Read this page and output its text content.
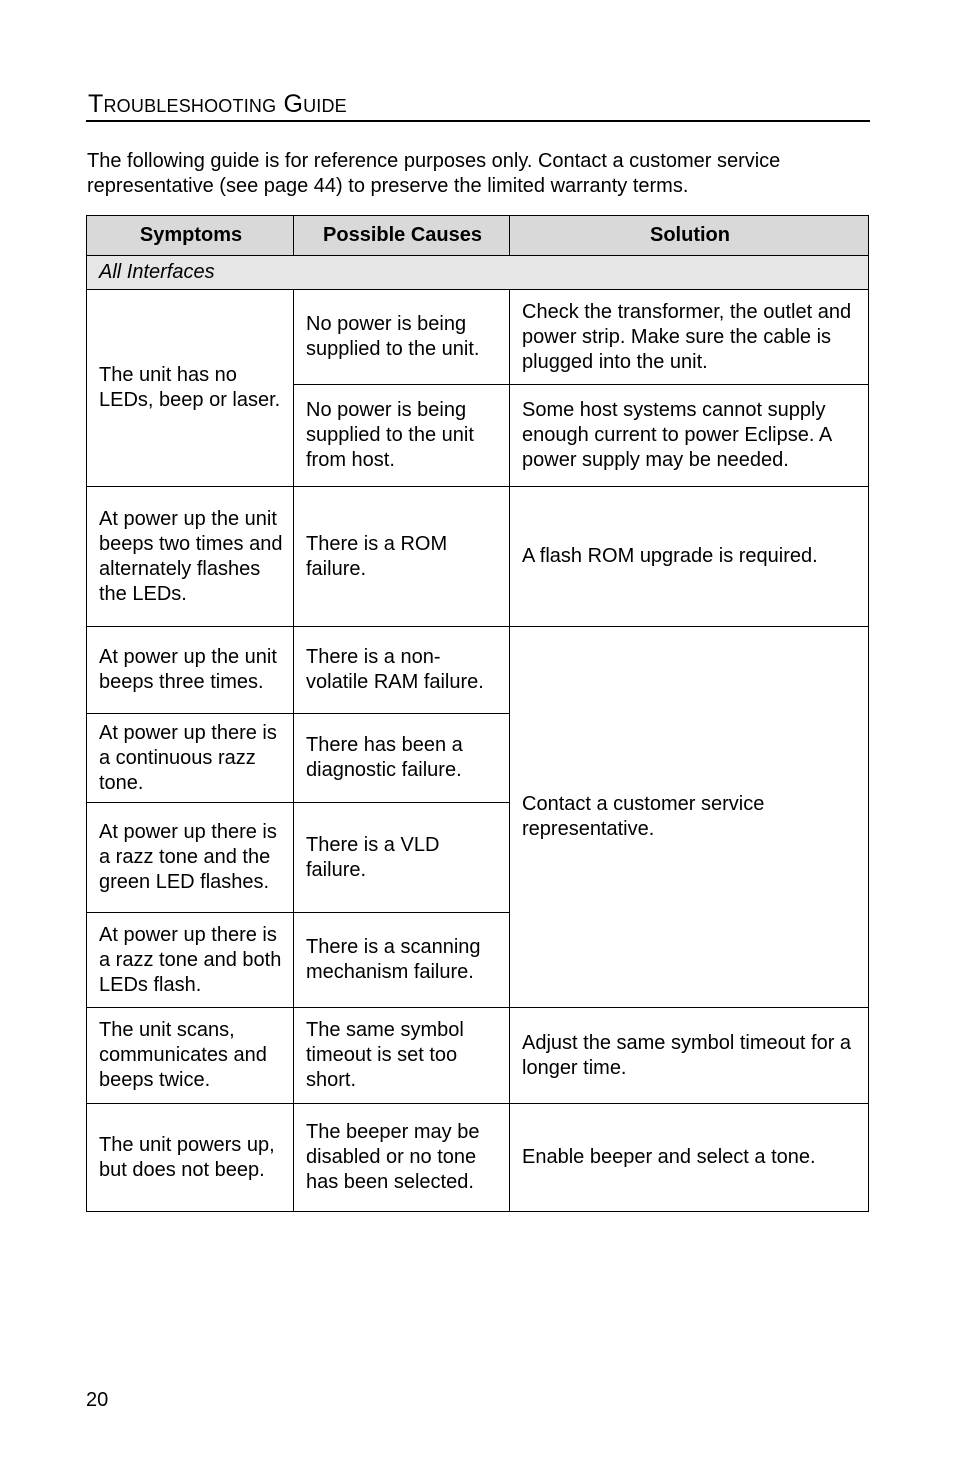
Troubleshooting Guide
The following guide is for reference purposes only. Contact a customer service representative (see page 44) to preserve the limited warranty terms.
Symptoms	Possible Causes	Solution
All Interfaces		
The unit has no LEDs, beep or laser.	No power is being supplied to the unit.	Check the transformer, the outlet and power strip. Make sure the cable is plugged into the unit.
	No power is being supplied to the unit from host.	Some host systems cannot supply enough current to power Eclipse. A power supply may be needed.
At power up the unit beeps two times and alternately flashes the LEDs.	There is a ROM failure.	A flash ROM upgrade is required.
At power up the unit beeps three times.	There is a non-volatile RAM failure.	Contact a customer service representative.
At power up there is a continuous razz tone.	There has been a diagnostic failure.	
At power up there is a razz tone and the green LED flashes.	There is a VLD failure.	
At power up there is a razz tone and both LEDs flash.	There is a scanning mechanism failure.	
The unit scans, communicates and beeps twice.	The same symbol timeout is set too short.	Adjust the same symbol timeout for a longer time.
The unit powers up, but does not beep.	The beeper may be disabled or no tone has been selected.	Enable beeper and select a tone.
20
